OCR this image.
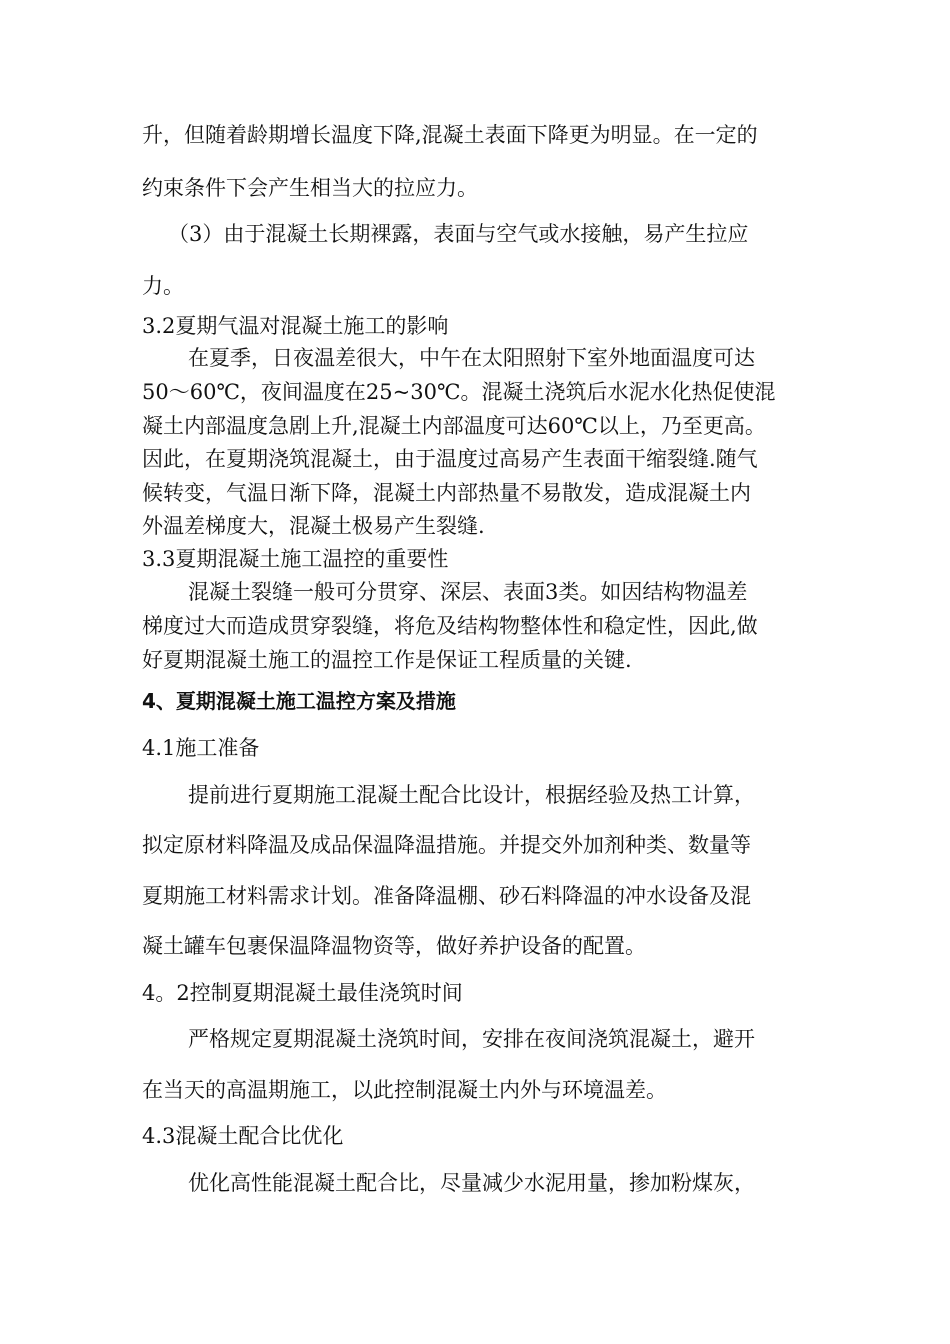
升，但随着龄期增长温度下降,混凝土表面下降更为明显。在一定的

约束条件下会产生相当大的拉应力。

（3）由于混凝土长期裸露，表面与空气或水接触，易产生拉应

力。

3.2夏期气温对混凝土施工的影响

在夏季，日夜温差很大，中午在太阳照射下室外地面温度可达

50～60℃，夜间温度在25~30℃。混凝土浇筑后水泥水化热促使混

凝土内部温度急剧上升,混凝土内部温度可达60℃以上，乃至更高。

因此，在夏期浇筑混凝土，由于温度过高易产生表面干缩裂缝.随气

候转变，气温日渐下降，混凝土内部热量不易散发，造成混凝土内

外温差梯度大，混凝土极易产生裂缝.

3.3夏期混凝土施工温控的重要性

混凝土裂缝一般可分贯穿、深层、表面3类。如因结构物温差

梯度过大而造成贯穿裂缝，将危及结构物整体性和稳定性，因此,做

好夏期混凝土施工的温控工作是保证工程质量的关键.

4、夏期混凝土施工温控方案及措施

4.1施工准备

提前进行夏期施工混凝土配合比设计，根据经验及热工计算，

拟定原材料降温及成品保温降温措施。并提交外加剂种类、数量等

夏期施工材料需求计划。准备降温棚、砂石料降温的冲水设备及混

凝土罐车包裹保温降温物资等，做好养护设备的配置。

4。2控制夏期混凝土最佳浇筑时间

严格规定夏期混凝土浇筑时间，安排在夜间浇筑混凝土，避开

在当天的高温期施工，以此控制混凝土内外与环境温差。

4.3混凝土配合比优化

优化高性能混凝土配合比，尽量减少水泥用量，掺加粉煤灰，
